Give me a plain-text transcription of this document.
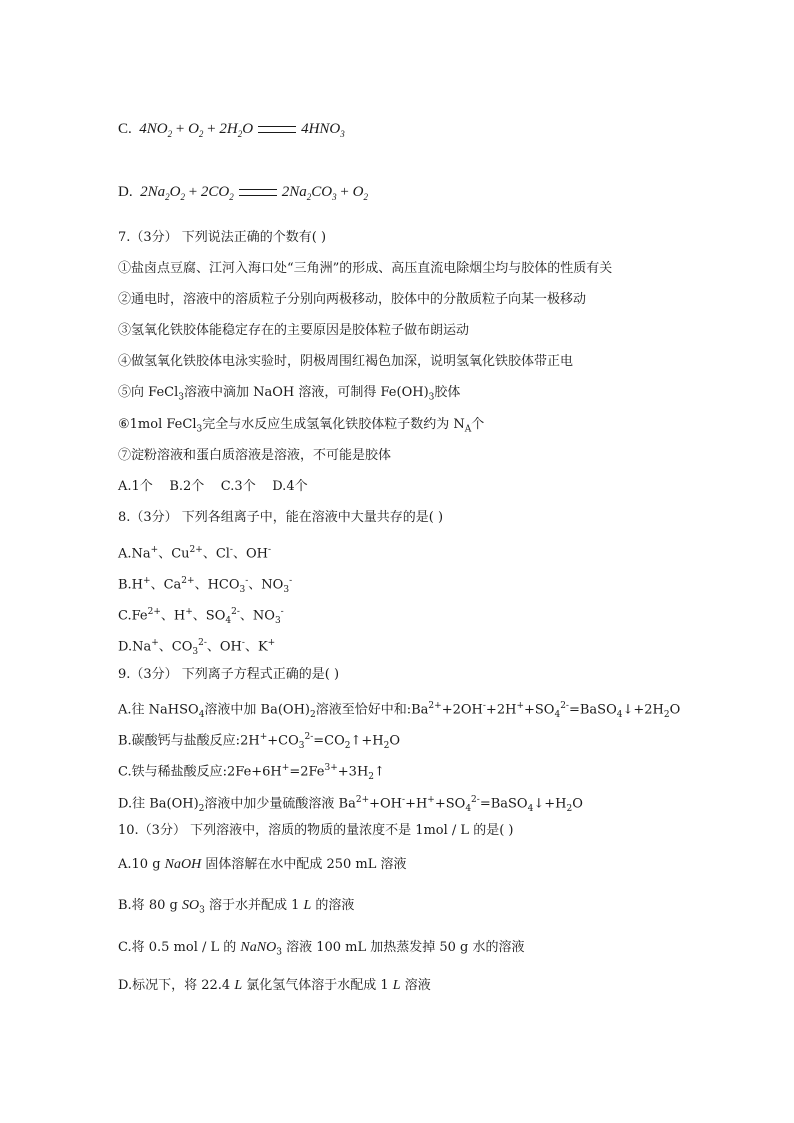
C. $4NO_2 + O_2 + 2H_2O$	$4HNO_3$
D. $2Na_2O_2 + 2CO_2$	$2Na_2CO_3 + O_2$
7.（3分） 下列说法正确的个数有( )
①盐卤点豆腐、江河入海口处“三角洲”的形成、高压直流电除烟尘均与胶体的性质有关
②通电时，溶液中的溶质粒子分别向两极移动，胶体中的分散质粒子向某一极移动
③氢氧化铁胶体能稳定存在的主要原因是胶体粒子做布朗运动
④做氢氧化铁胶体电泳实验时，阴极周围红褐色加深，说明氢氧化铁胶体带正电
⑤向 FeCl$_3$溶液中滴加 NaOH 溶液，可制得 $Fe(OH)_3$胶体
⑥1mol FeCl$_3$完全与水反应生成氢氧化铁胶体粒子数约为 $N_A$个
⑦淀粉溶液和蛋白质溶液是溶液，不可能是胶体
A.1个    B.2个    C.3个    D.4个
8.（3分） 下列各组离子中，能在溶液中大量共存的是( )
A.Na+、$Cu^{2+}$、Cl-、OH-
B.H+、$Ca^{2+}$、$HCO_3^-$、$NO_3^-$
$C.Fe^{2+}$、H+、$SO_4^{2-}$、$NO_3^-$
D.Na+、$CO_3^{2-}$、OH-、K+
9.（3分） 下列离子方程式正确的是( )
A.往 NaHSO$_4$溶液中加 $Ba(OH)_2$溶液至恰好中和$:Ba^{2+}+2OH^-+2H^++SO_4^{2-}=BaSO_4↓+2H_2O$
B.碳酸钙与盐酸反应$:2H^++CO_3^{2-}=CO_2↑+H_2O$
C.铁与稀盐酸反应$:2Fe+6H^+=2Fe^{3+}+3H_2↑$
D.往 $Ba(OH)_2$溶液中加少量硫酸溶液 $Ba^{2+}+OH^-+H^++SO_4^{2-}=BaSO_4↓+H_2O$
10.（3分） 下列溶液中，溶质的物质的量浓度不是 1mol / L 的是( )
A.10 g NaOH 固体溶解在水中配成 250 mL 溶液
B.将 80 g $SO_3$ 溶于水并配成 1 L 的溶液
C.将 0.5 mol / L 的 NaNO$_3$ 溶液 100 mL 加热蒸发掉 50 g 水的溶液
D.标况下，将 22.4 L 氯化氢气体溶于水配成 1 L 溶液
